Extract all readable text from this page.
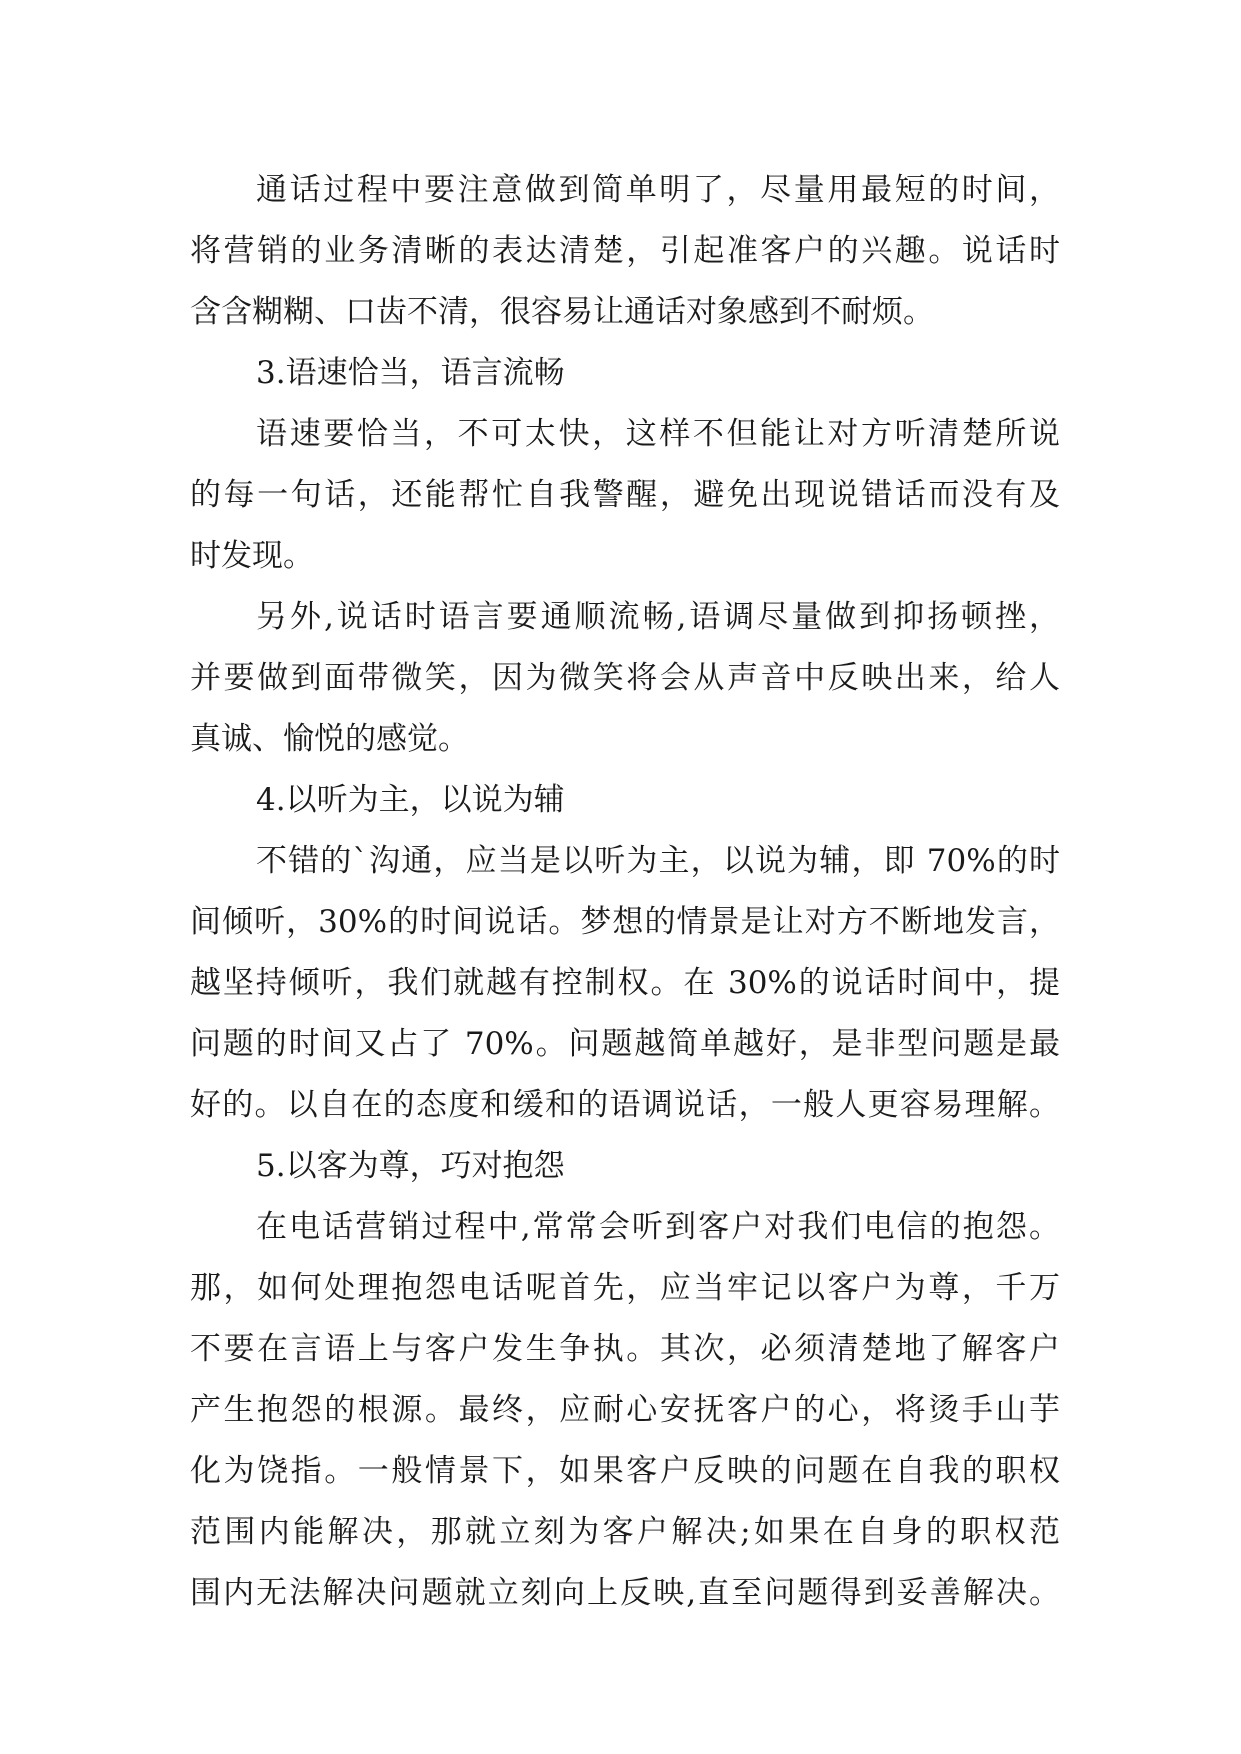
通话过程中要注意做到简单明了，尽量用最短的时间，
将营销的业务清晰的表达清楚，引起准客户的兴趣。说话时
含含糊糊、口齿不清，很容易让通话对象感到不耐烦。
3.语速恰当，语言流畅
语速要恰当，不可太快，这样不但能让对方听清楚所说
的每一句话，还能帮忙自我警醒，避免出现说错话而没有及
时发现。
另外,说话时语言要通顺流畅,语调尽量做到抑扬顿挫，
并要做到面带微笑，因为微笑将会从声音中反映出来，给人
真诚、愉悦的感觉。
4.以听为主，以说为辅
不错的`沟通，应当是以听为主，以说为辅，即 70%的时
间倾听，30%的时间说话。梦想的情景是让对方不断地发言，
越坚持倾听，我们就越有控制权。在 30%的说话时间中，提
问题的时间又占了 70%。问题越简单越好，是非型问题是最
好的。以自在的态度和缓和的语调说话，一般人更容易理解。
5.以客为尊，巧对抱怨
在电话营销过程中,常常会听到客户对我们电信的抱怨。
那，如何处理抱怨电话呢首先，应当牢记以客户为尊，千万
不要在言语上与客户发生争执。其次，必须清楚地了解客户
产生抱怨的根源。最终，应耐心安抚客户的心，将烫手山芋
化为饶指。一般情景下，如果客户反映的问题在自我的职权
范围内能解决，那就立刻为客户解决;如果在自身的职权范
围内无法解决问题就立刻向上反映,直至问题得到妥善解决。
